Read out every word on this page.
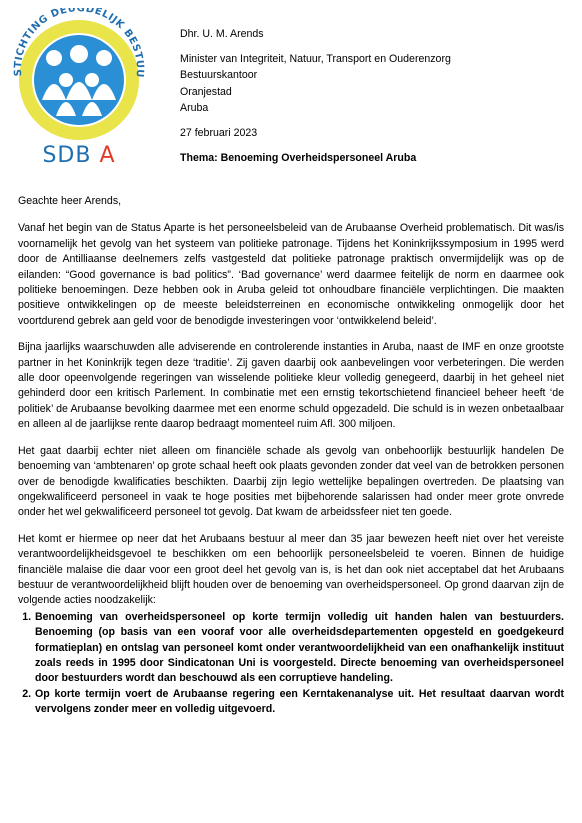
STICHTING DEUGDELIJK BESTUU
SDB A
Dhr. U. M. Arends
Minister van Integriteit, Natuur, Transport en Ouderenzorg
Bestuurskantoor
Oranjestad
Aruba
27 februari 2023
Thema: Benoeming Overheidspersoneel Aruba

Geachte heer Arends,

Vanaf het begin van de Status Aparte is het personeelsbeleid van de Arubaanse Overheid problematisch. Dit was/is voornamelijk het gevolg van het systeem van politieke patronage. Tijdens het Koninkrijkssymposium in 1995 werd door de Antilliaanse deelnemers zelfs vastgesteld dat politieke patronage praktisch onvermijdelijk was op de eilanden: “Good governance is bad politics”. ‘Bad governance’ werd daarmee feitelijk de norm en daarmee ook politieke benoemingen. Deze hebben ook in Aruba geleid tot onhoudbare financiële verplichtingen. Die maakten positieve ontwikkelingen op de meeste beleidsterreinen en economische ontwikkeling onmogelijk door het voortdurend gebrek aan geld voor de benodigde investeringen voor ‘ontwikkelend beleid’.

Bijna jaarlijks waarschuwden alle adviserende en controlerende instanties in Aruba, naast de IMF en onze grootste partner in het Koninkrijk tegen deze ‘traditie’. Zij gaven daarbij ook aanbevelingen voor verbeteringen. Die werden alle door opeenvolgende regeringen van wisselende politieke kleur volledig genegeerd, daarbij in het geheel niet gehinderd door een kritisch Parlement. In combinatie met een ernstig tekortschietend financieel beheer heeft ‘de politiek’ de Arubaanse bevolking daarmee met een enorme schuld opgezadeld. Die schuld is in wezen onbetaalbaar en alleen al de jaarlijkse rente daarop bedraagt momenteel ruim Afl. 300 miljoen.

Het gaat daarbij echter niet alleen om financiële schade als gevolg van onbehoorlijk bestuurlijk handelen De benoeming van ‘ambtenaren’ op grote schaal heeft ook plaats gevonden zonder dat veel van de betrokken personen over de benodigde kwalificaties beschikten. Daarbij zijn legio wettelijke bepalingen overtreden. De plaatsing van ongekwalificeerd personeel in vaak te hoge posities met bijbehorende salarissen had onder meer grote onvrede onder het wel gekwalificeerd personeel tot gevolg. Dat kwam de arbeidssfeer niet ten goede.

Het komt er hiermee op neer dat het Arubaans bestuur al meer dan 35 jaar bewezen heeft niet over het vereiste verantwoordelijkheidsgevoel te beschikken om een behoorlijk personeelsbeleid te voeren. Binnen de huidige financiële malaise die daar voor een groot deel het gevolg van is, is het dan ook niet acceptabel dat het Arubaans bestuur de verantwoordelijkheid blijft houden over de benoeming van overheidspersoneel. Op grond daarvan zijn de volgende acties noodzakelijk:

1. Benoeming van overheidspersoneel op korte termijn volledig uit handen halen van bestuurders. Benoeming (op basis van een vooraf voor alle overheidsdepartementen opgesteld en goedgekeurd formatieplan) en ontslag van personeel komt onder verantwoordelijkheid van een onafhankelijk instituut zoals reeds in 1995 door Sindicatonan Uni is voorgesteld. Directe benoeming van overheidspersoneel door bestuurders wordt dan beschouwd als een corruptieve handeling.
2. Op korte termijn voert de Arubaanse regering een Kerntakenanalyse uit. Het resultaat daarvan wordt vervolgens zonder meer en volledig uitgevoerd.
